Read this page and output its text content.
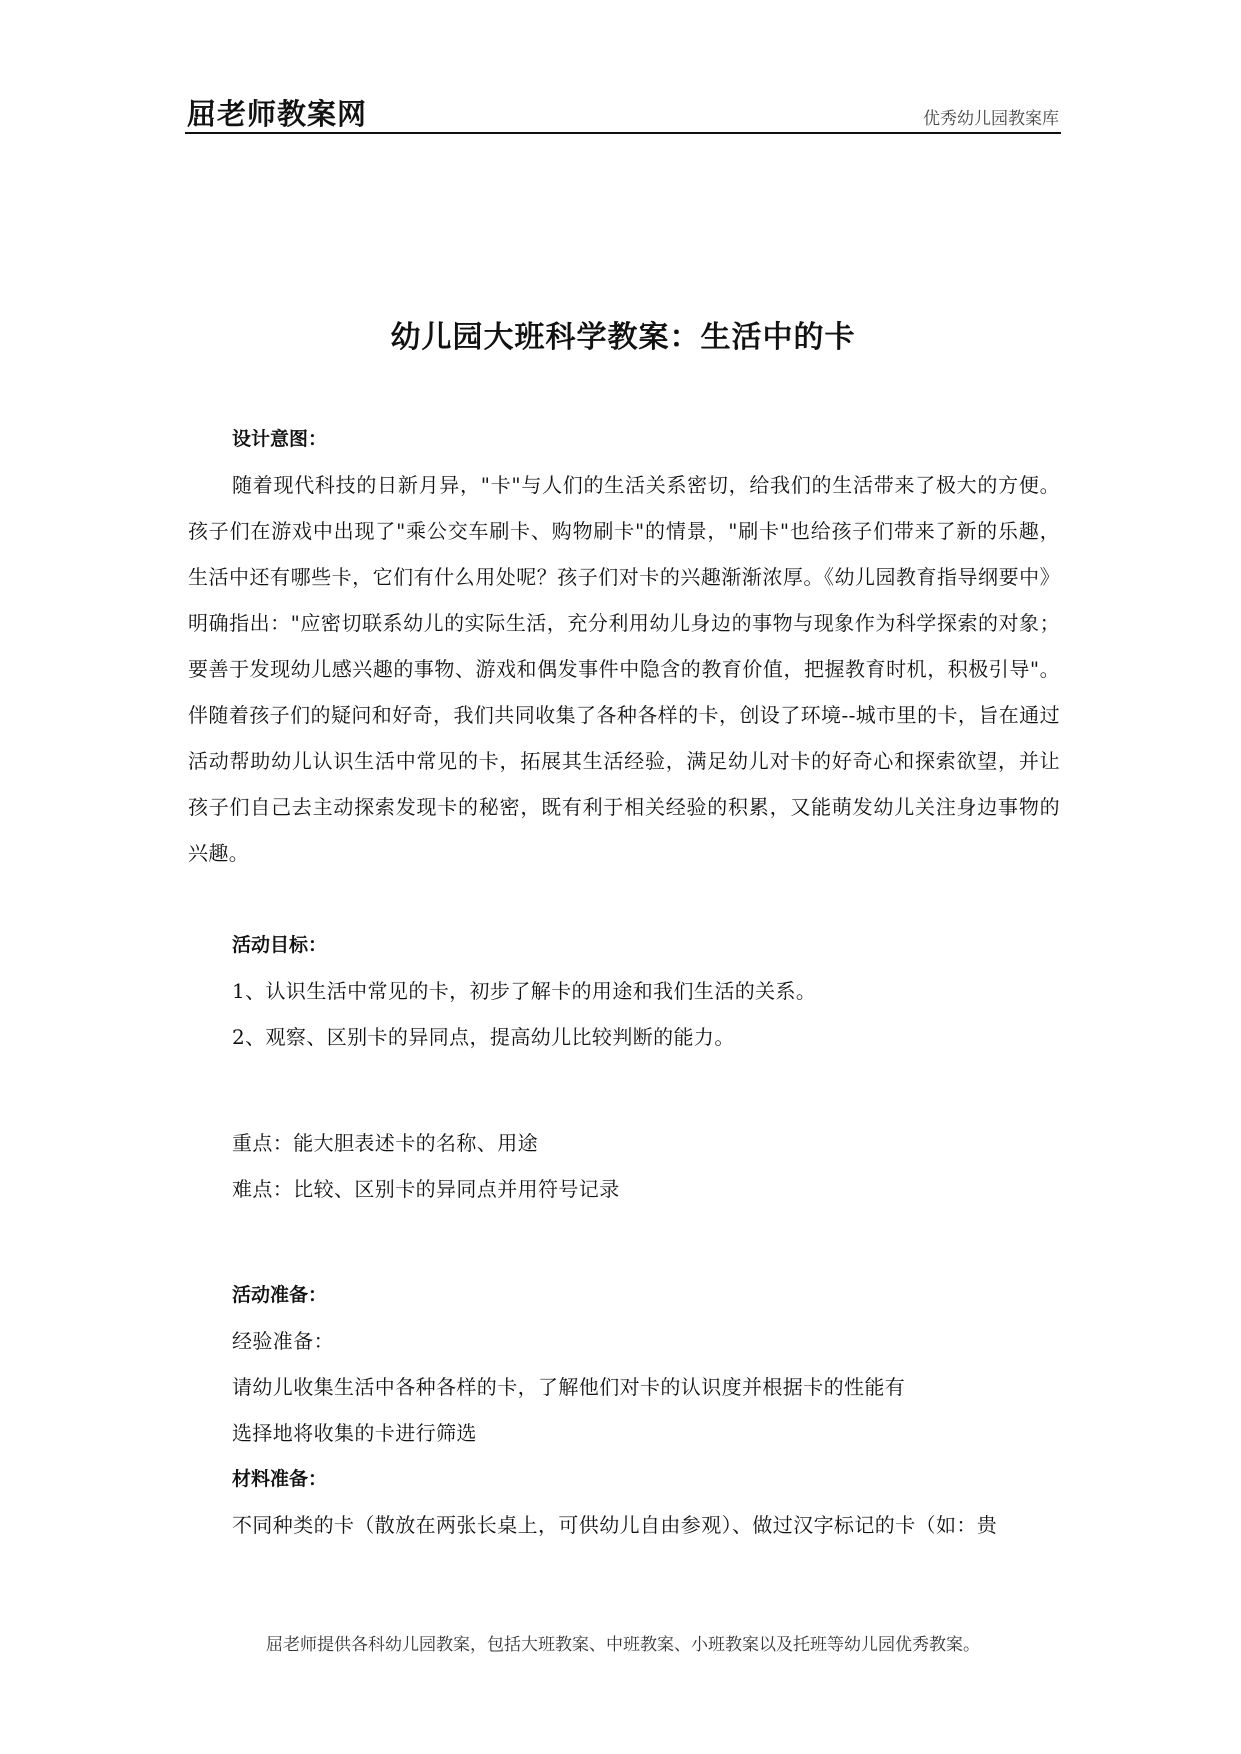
屈老师教案网	优秀幼儿园教案库
幼儿园大班科学教案：生活中的卡

设计意图：

随着现代科技的日新月异，"卡"与人们的生活关系密切，给我们的生活带来了极大的方便。孩子们在游戏中出现了"乘公交车刷卡、购物刷卡"的情景，"刷卡"也给孩子们带来了新的乐趣，生活中还有哪些卡，它们有什么用处呢？孩子们对卡的兴趣渐渐浓厚。《幼儿园教育指导纲要中》明确指出："应密切联系幼儿的实际生活，充分利用幼儿身边的事物与现象作为科学探索的对象；要善于发现幼儿感兴趣的事物、游戏和偶发事件中隐含的教育价值，把握教育时机，积极引导"。伴随着孩子们的疑问和好奇，我们共同收集了各种各样的卡，创设了环境--城市里的卡，旨在通过活动帮助幼儿认识生活中常见的卡，拓展其生活经验，满足幼儿对卡的好奇心和探索欲望，并让孩子们自己去主动探索发现卡的秘密，既有利于相关经验的积累，又能萌发幼儿关注身边事物的兴趣。

活动目标：

1、认识生活中常见的卡，初步了解卡的用途和我们生活的关系。

2、观察、区别卡的异同点，提高幼儿比较判断的能力。

重点：能大胆表述卡的名称、用途

难点：比较、区别卡的异同点并用符号记录

活动准备：

经验准备：

请幼儿收集生活中各种各样的卡，了解他们对卡的认识度并根据卡的性能有

选择地将收集的卡进行筛选

材料准备：

不同种类的卡（散放在两张长桌上，可供幼儿自由参观）、做过汉字标记的卡（如：贵

屈老师提供各科幼儿园教案，包括大班教案、中班教案、小班教案以及托班等幼儿园优秀教案。
